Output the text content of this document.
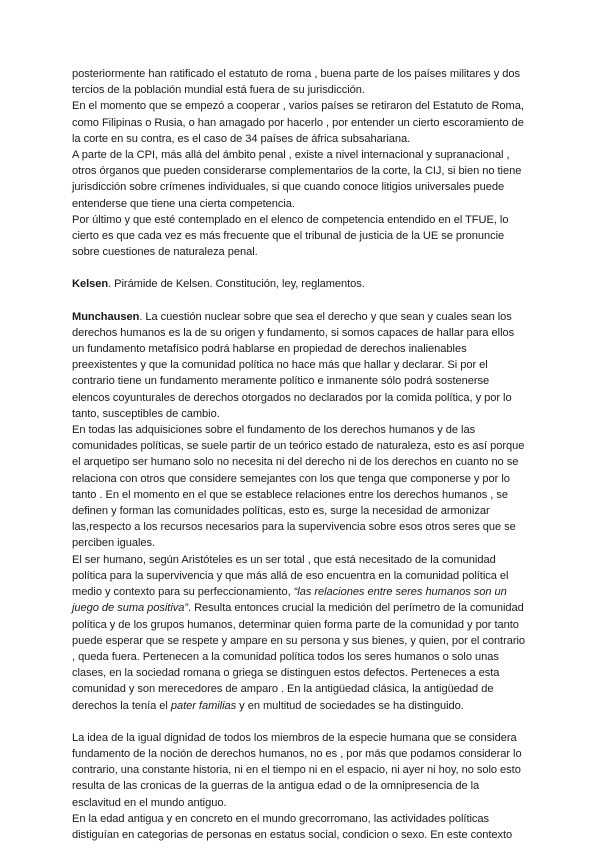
posteriormente han ratificado el estatuto de roma , buena parte de los países militares y dos tercios de la población mundial está fuera de su jurisdicción.

En el momento que se empezó a cooperar , varios países se retiraron del Estatuto de Roma, como Filipinas o Rusia, o han amagado por hacerlo , por entender un cierto escoramiento de la corte en su contra, es el caso de 34 países de áfrica subsahariana.

A parte de la CPI, más allá del ámbito penal , existe a nivel internacional y supranacional , otros órganos que pueden considerarse complementarios de la corte, la CIJ, si bien no tiene jurisdicción sobre crímenes individuales, si que cuando conoce litigios universales puede entenderse que tiene una cierta competencia.

Por último y que esté contemplado en el elenco de competencia entendido en el TFUE, lo cierto es que cada vez es más frecuente que el tribunal de justicia de la UE se pronuncie sobre cuestiones de naturaleza penal.

Kelsen. Pirámide de Kelsen. Constitución, ley, reglamentos.

Munchausen. La cuestión nuclear sobre que sea el derecho y que sean y cuales sean los derechos humanos es la de su origen y fundamento, si somos capaces de hallar para ellos un fundamento metafísico podrá hablarse en propiedad de derechos inalienables preexistentes y que la comunidad política no hace más que hallar y declarar. Si por el contrario tiene un fundamento meramente político e inmanente sólo podrá sostenerse elencos coyunturales de derechos otorgados no declarados por la comida política, y por lo tanto, susceptibles de cambio.

En todas las adquisiciones sobre el fundamento de los derechos humanos y de las comunidades políticas, se suele partir de un teórico estado de naturaleza, esto es así porque el arquetipo ser humano solo no necesita ni del derecho ni de los derechos en cuanto no se relaciona con otros que considere semejantes con los que tenga que componerse y por lo tanto . En el momento en el que se establece relaciones entre los derechos humanos , se definen y forman las comunidades políticas, esto es, surge la necesidad de armonizar las,respecto a los recursos necesarios para la supervivencia sobre esos otros seres que se perciben iguales.

El ser humano, según Aristóteles es un ser total , que está necesitado de la comunidad política para la supervivencia y que más allá de eso encuentra en la comunidad política el medio y contexto para su perfeccionamiento, “las relaciones entre seres humanos son un juego de suma positiva”. Resulta entonces crucial la medición del perímetro de la comunidad política y de los grupos humanos, determinar quien forma parte de la comunidad y por tanto puede esperar que se respete y ampare en su persona y sus bienes, y quien, por el contrario , queda fuera. Pertenecen a la comunidad política todos los seres humanos o solo unas clases, en la sociedad romana o griega se distinguen estos defectos. Perteneces a esta comunidad y son merecedores de amparo . En la antigüedad clásica, la antigüedad de derechos la tenía el pater familias y en multitud de sociedades se ha distinguido.

La idea de la igual dignidad de todos los miembros de la especie humana que se considera fundamento de la noción de derechos humanos, no es , por más que podamos considerar lo contrario, una constante historia, ni en el tiempo ni en el espacio, ni ayer ni hoy, no solo esto resulta de las cronicas de la guerras de la antigua edad o de la omnipresencia de la esclavitud en el mundo antiguo.

En la edad antigua y en concreto en el mundo grecorromano, las actividades políticas distiguían en categorias de personas en estatus social, condicion o sexo. En este contexto
